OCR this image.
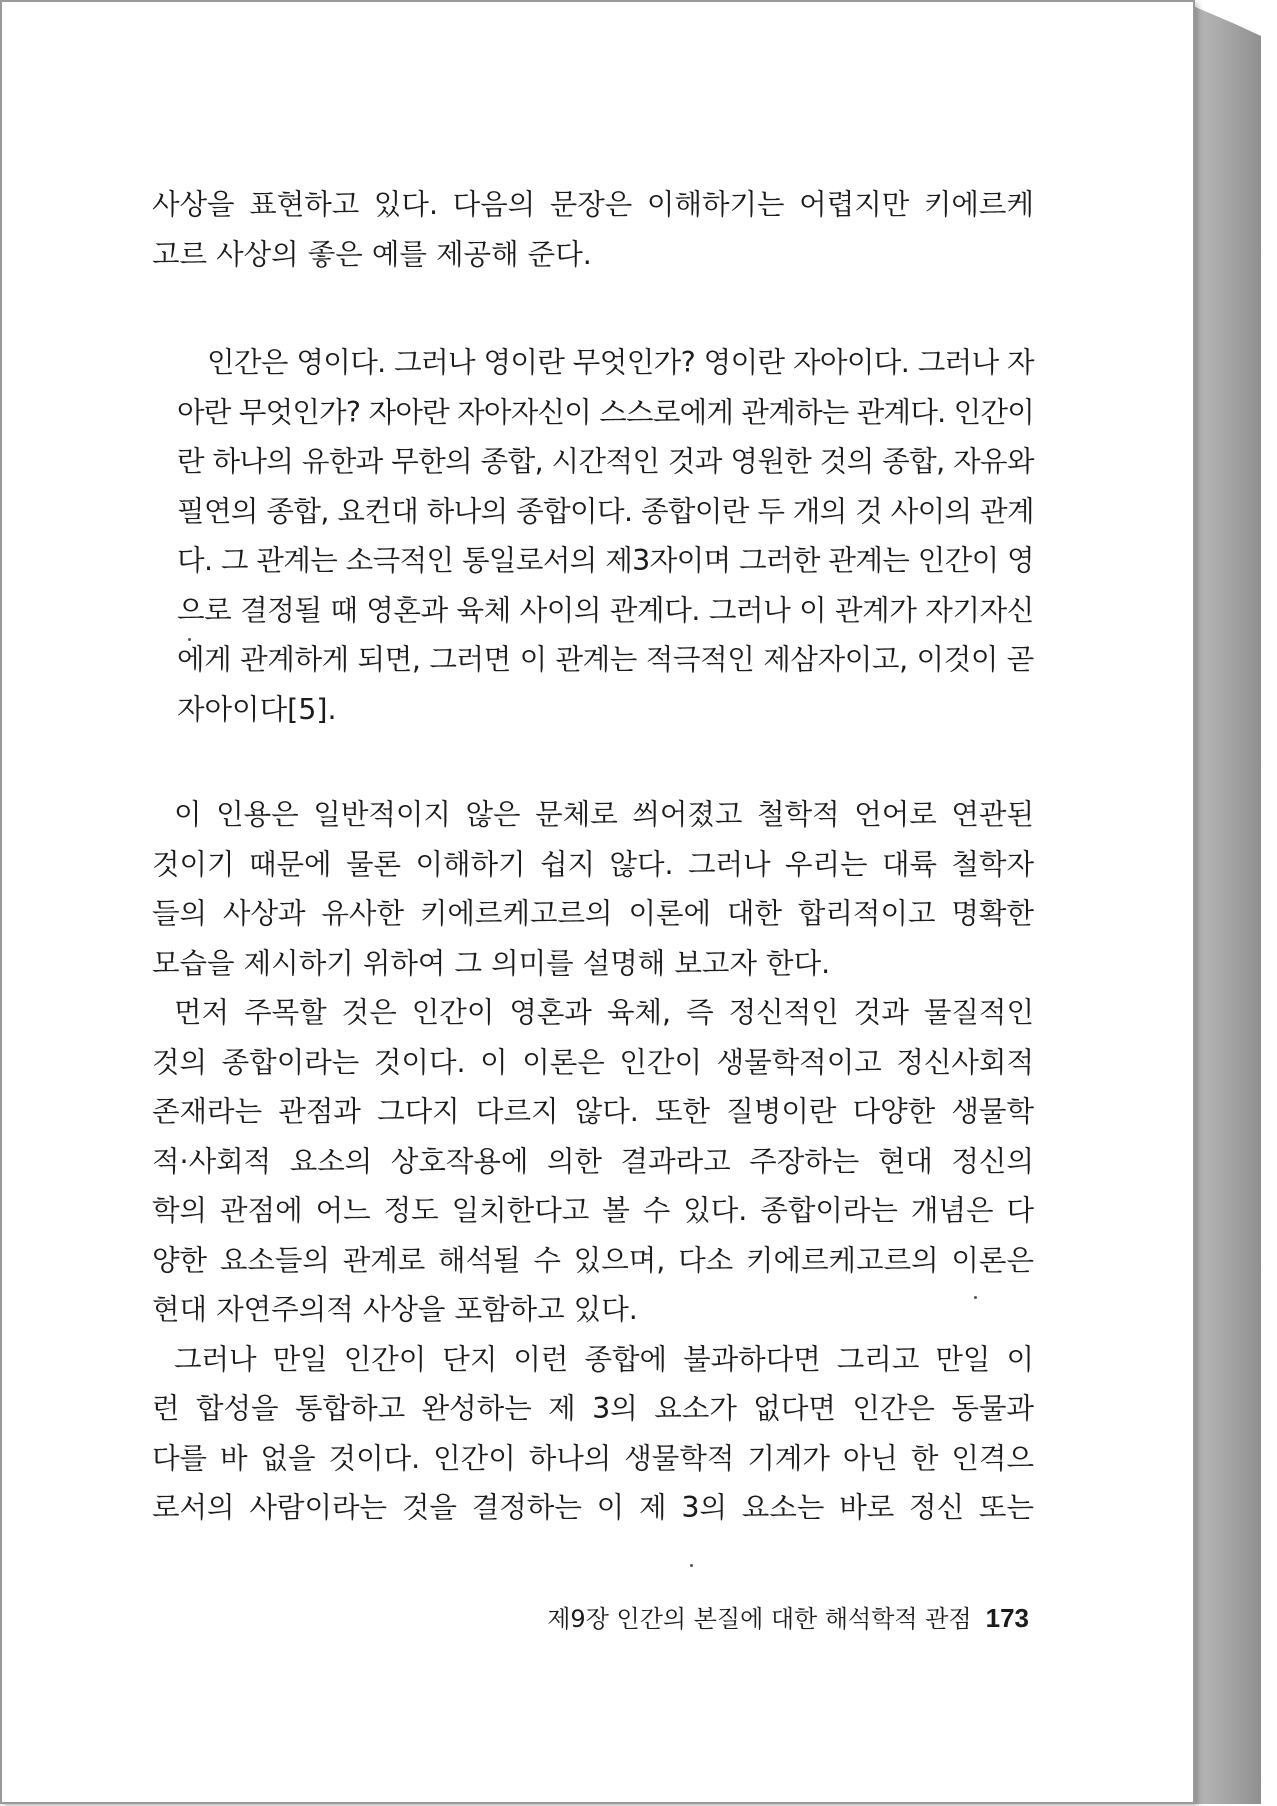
사상을 표현하고 있다. 다음의 문장은 이해하기는 어렵지만 키에르케
고르 사상의 좋은 예를 제공해 준다.
인간은 영이다. 그러나 영이란 무엇인가? 영이란 자아이다. 그러나 자
아란 무엇인가? 자아란 자아자신이 스스로에게 관계하는 관계다. 인간이
란 하나의 유한과 무한의 종합, 시간적인 것과 영원한 것의 종합, 자유와
필연의 종합, 요컨대 하나의 종합이다. 종합이란 두 개의 것 사이의 관계
다. 그 관계는 소극적인 통일로서의 제3자이며 그러한 관계는 인간이 영
으로 결정될 때 영혼과 육체 사이의 관계다. 그러나 이 관계가 자기자신
에게 관계하게 되면, 그러면 이 관계는 적극적인 제삼자이고, 이것이 곧
자아이다[5].
이 인용은 일반적이지 않은 문체로 씌어졌고 철학적 언어로 연관된
것이기 때문에 물론 이해하기 쉽지 않다. 그러나 우리는 대륙 철학자
들의 사상과 유사한 키에르케고르의 이론에 대한 합리적이고 명확한
모습을 제시하기 위하여 그 의미를 설명해 보고자 한다.
먼저 주목할 것은 인간이 영혼과 육체, 즉 정신적인 것과 물질적인
것의 종합이라는 것이다. 이 이론은 인간이 생물학적이고 정신사회적
존재라는 관점과 그다지 다르지 않다. 또한 질병이란 다양한 생물학
적·사회적 요소의 상호작용에 의한 결과라고 주장하는 현대 정신의
학의 관점에 어느 정도 일치한다고 볼 수 있다. 종합이라는 개념은 다
양한 요소들의 관계로 해석될 수 있으며, 다소 키에르케고르의 이론은
현대 자연주의적 사상을 포함하고 있다.
그러나 만일 인간이 단지 이런 종합에 불과하다면 그리고 만일 이
런 합성을 통합하고 완성하는 제 3의 요소가 없다면 인간은 동물과
다를 바 없을 것이다. 인간이 하나의 생물학적 기계가 아닌 한 인격으
로서의 사람이라는 것을 결정하는 이 제 3의 요소는 바로 정신 또는
제9장 인간의 본질에 대한 해석학적 관점 173
